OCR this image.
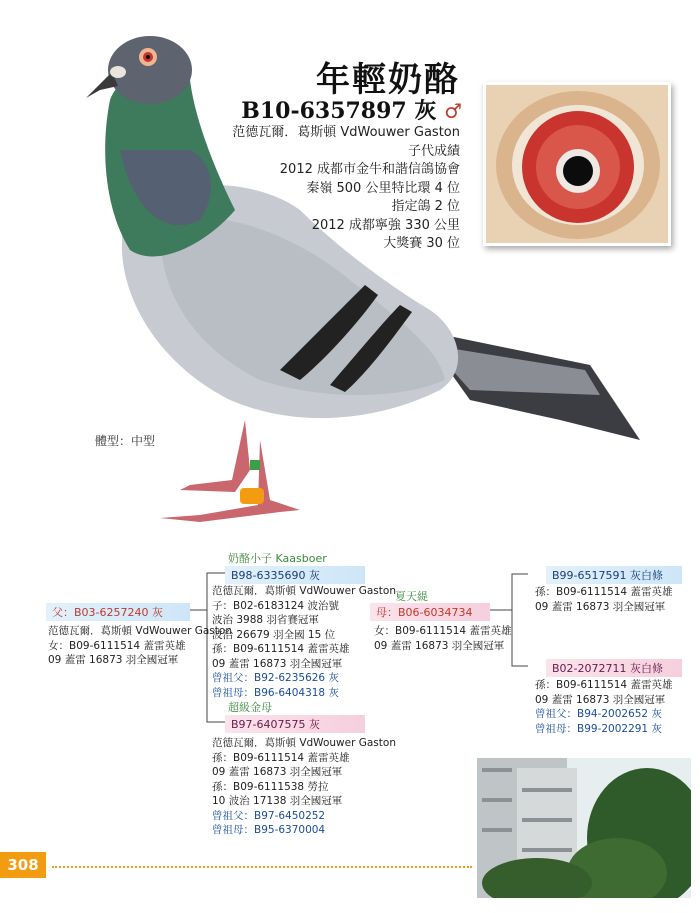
年輕奶酪
B10-6357897 灰 ♂
范德瓦爾．葛斯頓 VdWouwer Gaston
子代成績
2012 成都市金牛和諧信鴿協會
秦嶺 500 公里特比環 4 位
指定鴿 2 位
2012 成都寧強 330 公里
大獎賽 30 位
體型：中型
奶酪小子 Kaasboer
B98-6335690 灰
范德瓦爾．葛斯頓 VdWouwer Gaston
子：B02-6183124 波治號
波治 3988 羽省賽冠軍
波治 26679 羽全國 15 位
孫：B09-6111514 蓋雷英雄
09 蓋雷 16873 羽全國冠軍
曾祖父：B92-6235626 灰
曾祖母：B96-6404318 灰
超級金母
B97-6407575 灰
范德瓦爾．葛斯頓 VdWouwer Gaston
孫：B09-6111514 蓋雷英雄
09 蓋雷 16873 羽全國冠軍
孫：B09-6111538 勞拉
10 波治 17138 羽全國冠軍
曾祖父：B97-6450252
曾祖母：B95-6370004
父：B03-6257240 灰
范德瓦爾．葛斯頓 VdWouwer Gaston
女：B09-6111514 蓋雷英雄
09 蓋雷 16873 羽全國冠軍
夏天緹
母：B06-6034734
女：B09-6111514 蓋雷英雄
09 蓋雷 16873 羽全國冠軍
B99-6517591 灰白條
孫：B09-6111514 蓋雷英雄
09 蓋雷 16873 羽全國冠軍
B02-2072711 灰白條
孫：B09-6111514 蓋雷英雄
09 蓋雷 16873 羽全國冠軍
曾祖父：B94-2002652 灰
曾祖母：B99-2002291 灰
308
